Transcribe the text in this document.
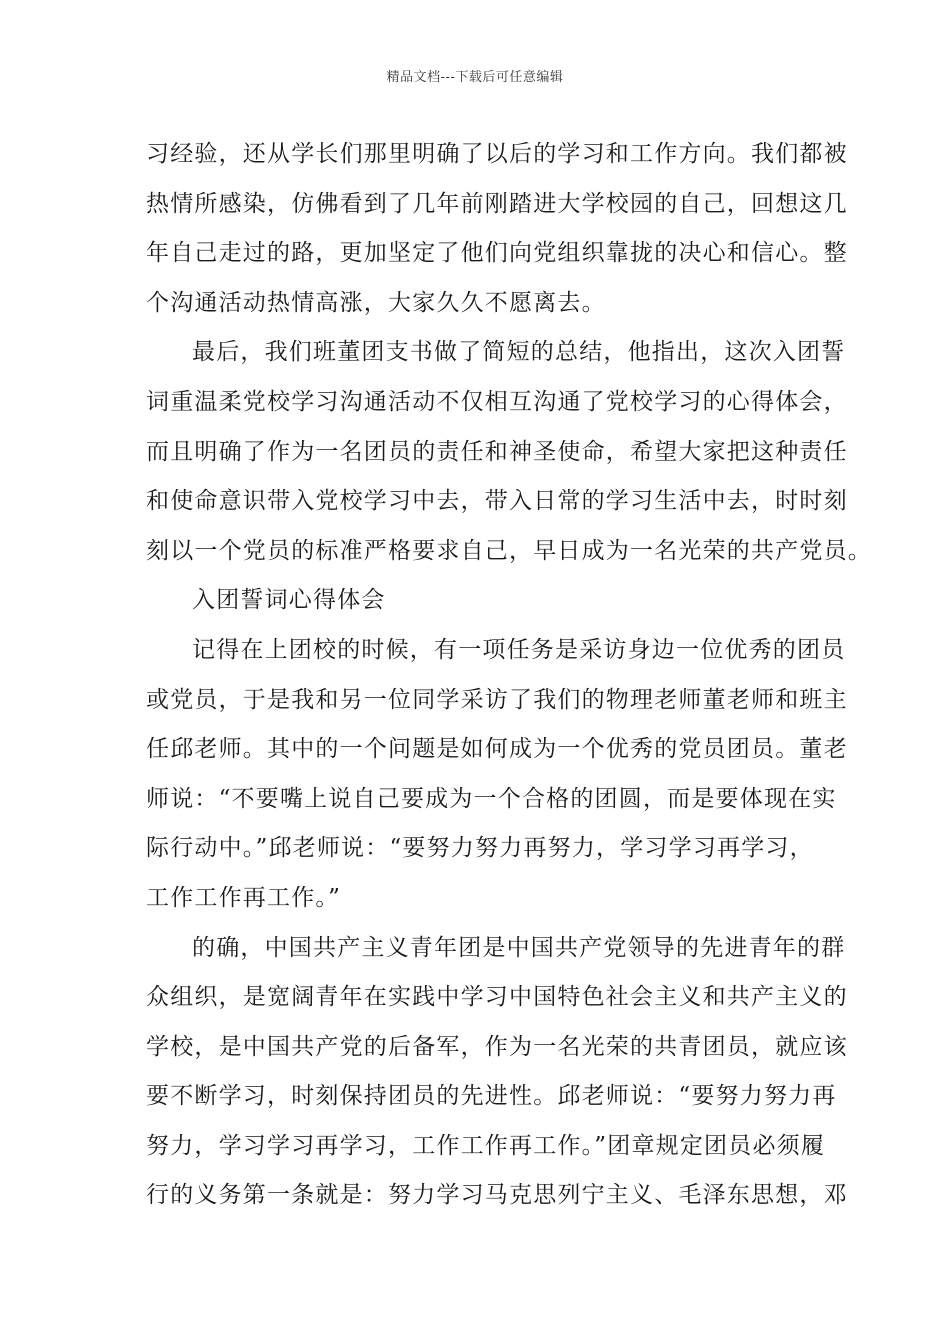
精品文档---下载后可任意编辑
习经验，还从学长们那里明确了以后的学习和工作方向。我们都被
热情所感染，仿佛看到了几年前刚踏进大学校园的自己，回想这几
年自己走过的路，更加坚定了他们向党组织靠拢的决心和信心。整
个沟通活动热情高涨，大家久久不愿离去。
最后，我们班董团支书做了简短的总结，他指出，这次入团誓
词重温柔党校学习沟通活动不仅相互沟通了党校学习的心得体会，
而且明确了作为一名团员的责任和神圣使命，希望大家把这种责任
和使命意识带入党校学习中去，带入日常的学习生活中去，时时刻
刻以一个党员的标准严格要求自己，早日成为一名光荣的共产党员。
入团誓词心得体会
记得在上团校的时候，有一项任务是采访身边一位优秀的团员
或党员，于是我和另一位同学采访了我们的物理老师董老师和班主
任邱老师。其中的一个问题是如何成为一个优秀的党员团员。董老
师说：“不要嘴上说自己要成为一个合格的团圆，而是要体现在实
际行动中。”邱老师说：“要努力努力再努力，学习学习再学习，
工作工作再工作。”
的确，中国共产主义青年团是中国共产党领导的先进青年的群
众组织，是宽阔青年在实践中学习中国特色社会主义和共产主义的
学校，是中国共产党的后备军，作为一名光荣的共青团员，就应该
要不断学习，时刻保持团员的先进性。邱老师说：“要努力努力再
努力，学习学习再学习，工作工作再工作。”团章规定团员必须履
行的义务第一条就是：努力学习马克思列宁主义、毛泽东思想，邓
